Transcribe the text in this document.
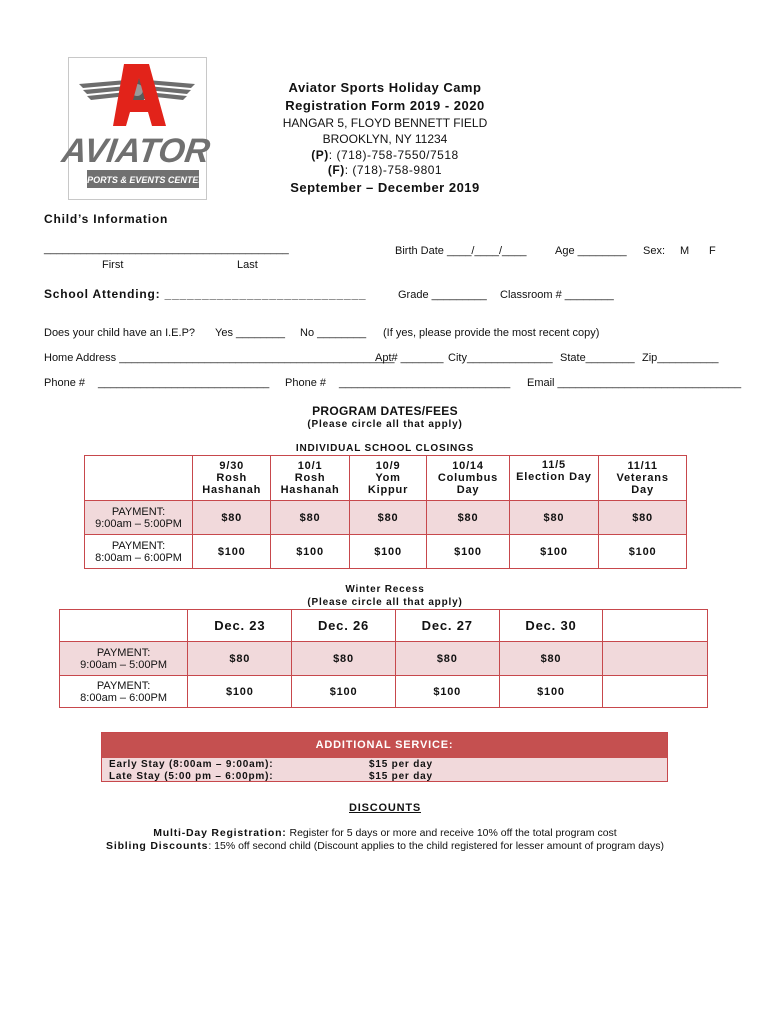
AVIATOR
SPORTS & EVENTS CENTER
Aviator Sports Holiday Camp
Registration Form 2019 - 2020
HANGAR 5, FLOYD BENNETT FIELD
BROOKLYN, NY 11234
(P): (718)-758-7550/7518
(F): (718)-758-9801
September – December 2019
Child’s Information
________________________________________
First	Last
Birth Date ____/____/____	Age ________ Sex: M F
School Attending: ___________________________	Grade _________ Classroom # ________
Does your child have an I.E.P? Yes ________ No ________ (If yes, please provide the most recent copy)
Home Address _____________________________________________
Apt# _______ City______________ State________ Zip__________
Phone # ____________________________ Phone # ____________________________ Email ______________________________
PROGRAM DATES/FEES
(Please circle all that apply)
INDIVIDUAL SCHOOL CLOSINGS
	9/30
Rosh
Hashanah	10/1
Rosh
Hashanah	10/9
Yom
Kippur	10/14
Columbus
Day	11/5
Election Day	11/11
Veterans
Day
PAYMENT:
9:00am – 5:00PM	$80	$80	$80	$80	$80	$80
PAYMENT:
8:00am – 6:00PM	$100	$100	$100	$100	$100	$100
Winter Recess
(Please circle all that apply)
	Dec. 23	Dec. 26	Dec. 27	Dec. 30	
PAYMENT:
9:00am – 5:00PM	$80	$80	$80	$80	
PAYMENT:
8:00am – 6:00PM	$100	$100	$100	$100	
ADDITIONAL SERVICE:
Early Stay (8:00am – 9:00am):	$15 per day
Late Stay (5:00 pm – 6:00pm):	$15 per day
DISCOUNTS
Multi-Day Registration: Register for 5 days or more and receive 10% off the total program cost
Sibling Discounts: 15% off second child (Discount applies to the child registered for lesser amount of program days)
